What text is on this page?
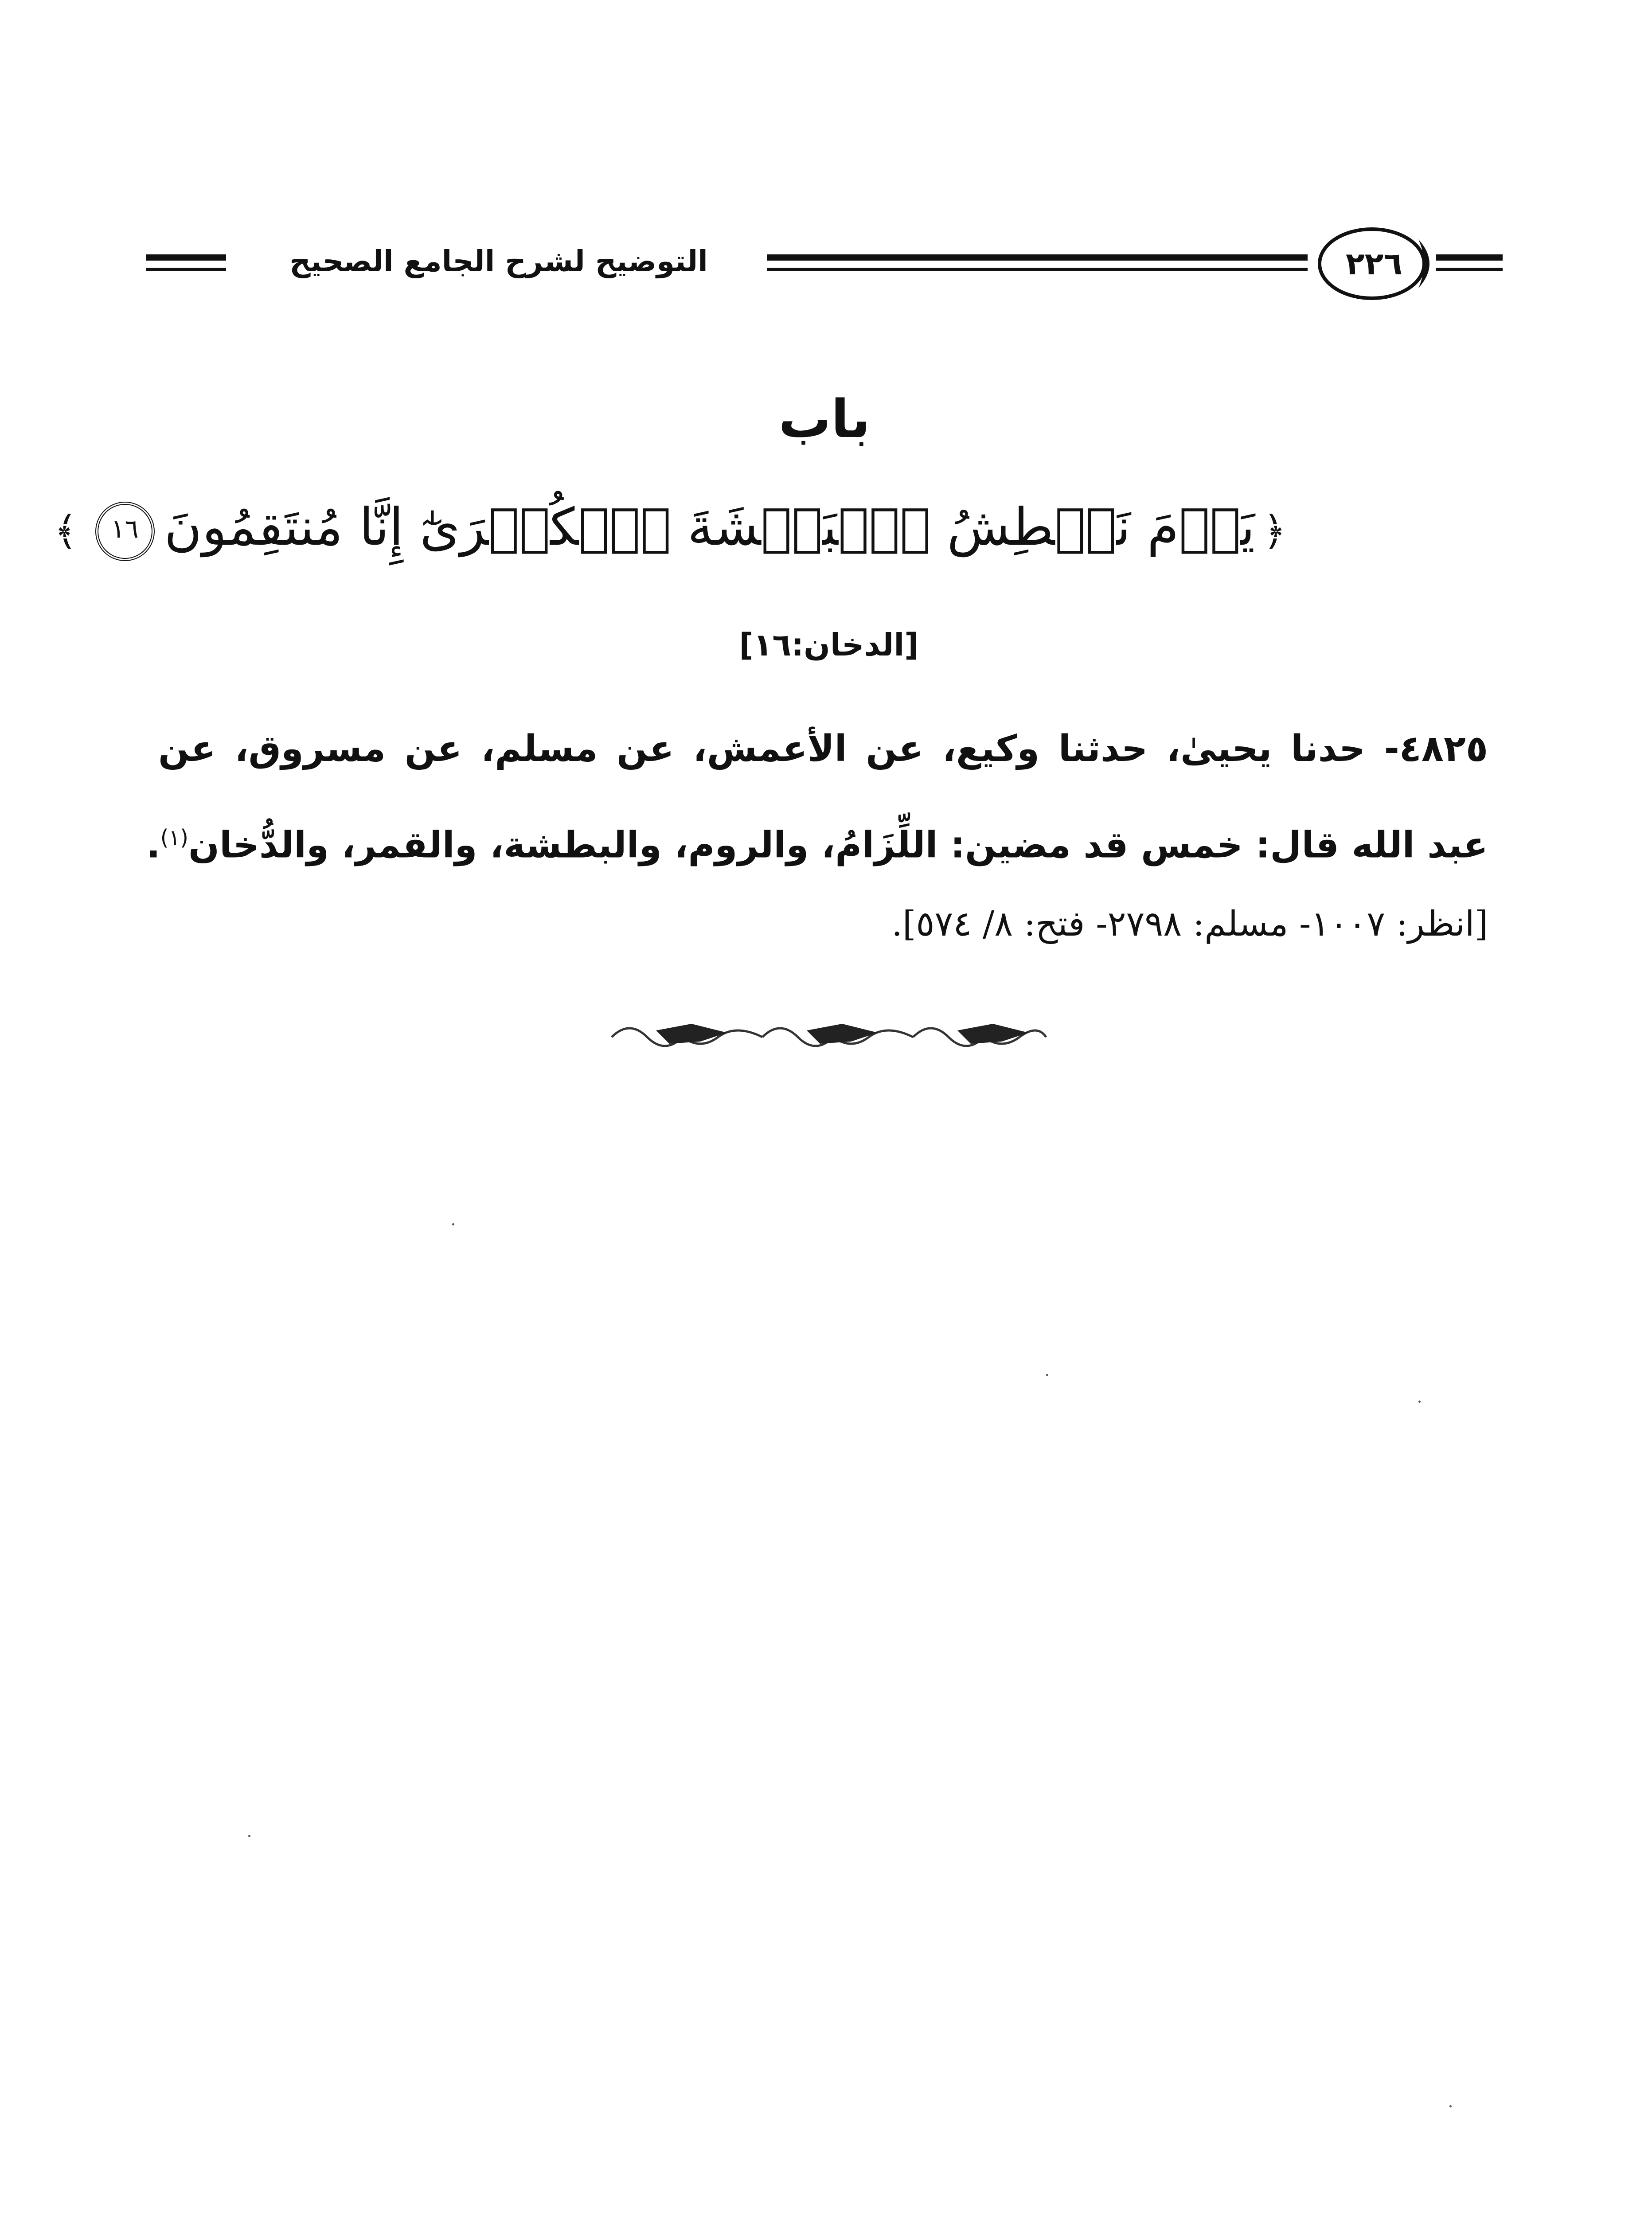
التوضيح لشرح الجامع الصحيح	٢٢٦
باب
﴿يَوۡمَ نَبۡطِشُ ٱلۡبَطۡشَةَ ٱلۡكُبۡرَىٰٓ إِنَّا مُنتَقِمُونَ١٦﴾
[الدخان:١٦]
٤٨٢٥- حدنا يحيىٰ، حدثنا وكيع، عن الأعمش، عن مسلم، عن مسروق، عن
عبد الله قال: خمس قد مضين: اللِّزَامُ، والروم، والبطشة، والقمر، والدُّخان$^{(١)}$.
[انظر: ١٠٠٧- مسلم: ٢٧٩٨- فتح: ٨/ ٥٧٤].
